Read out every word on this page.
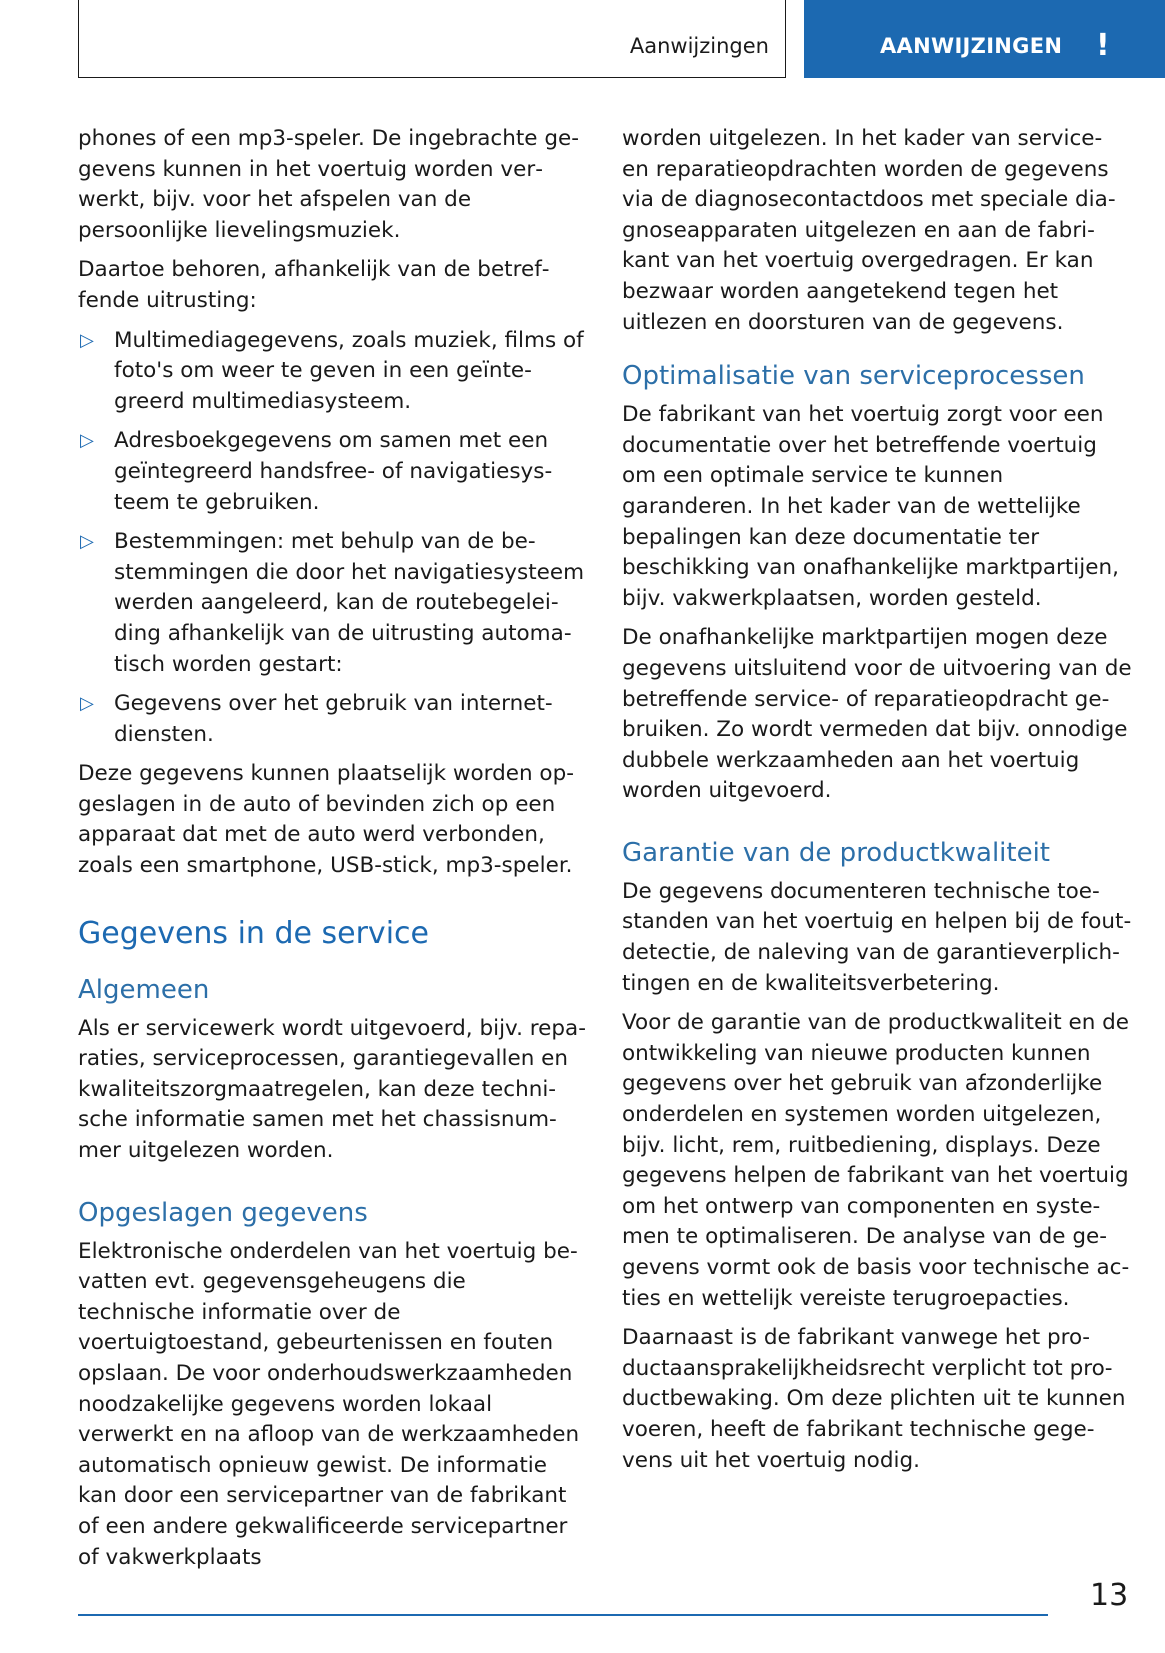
Aanwijzingen	AANWIJZINGEN !

phones of een mp3-speler. De ingebrachte gegevens kunnen in het voertuig worden verwerkt, bijv. voor het afspelen van de persoonlijke lievelingsmuziek.

Daartoe behoren, afhankelijk van de betreffende uitrusting:

▷ Multimediagegevens, zoals muziek, films of foto's om weer te geven in een geïntegreerd multimediasysteem.
▷ Adresboekgegevens om samen met een geïntegreerd handsfree- of navigatiesysteem te gebruiken.
▷ Bestemmingen: met behulp van de bestemmingen die door het navigatiesysteem werden aangeleerd, kan de routebegeleiding afhankelijk van de uitrusting automatisch worden gestart:
▷ Gegevens over het gebruik van internetdiensten.

Deze gegevens kunnen plaatselijk worden opgeslagen in de auto of bevinden zich op een apparaat dat met de auto werd verbonden, zoals een smartphone, USB-stick, mp3-speler.

Gegevens in de service
Algemeen

Als er servicewerk wordt uitgevoerd, bijv. reparaties, serviceprocessen, garantiegevallen en kwaliteitszorgmaatregelen, kan deze technische informatie samen met het chassisnummer uitgelezen worden.

Opgeslagen gegevens

Elektronische onderdelen van het voertuig bevatten evt. gegevensgeheugens die technische informatie over de voertuigtoestand, gebeurtenissen en fouten opslaan. De voor onderhoudswerkzaamheden noodzakelijke gegevens worden lokaal verwerkt en na afloop van de werkzaamheden automatisch opnieuw gewist. De informatie kan door een servicepartner van de fabrikant of een andere gekwalificeerde servicepartner of vakwerkplaats

worden uitgelezen. In het kader van service- en reparatieopdrachten worden de gegevens via de diagnosecontactdoos met speciale diagnoseapparaten uitgelezen en aan de fabrikant van het voertuig overgedragen. Er kan bezwaar worden aangetekend tegen het uitlezen en doorsturen van de gegevens.

Optimalisatie van serviceprocessen

De fabrikant van het voertuig zorgt voor een documentatie over het betreffende voertuig om een optimale service te kunnen garanderen. In het kader van de wettelijke bepalingen kan deze documentatie ter beschikking van onafhankelijke marktpartijen, bijv. vakwerkplaatsen, worden gesteld.

De onafhankelijke marktpartijen mogen deze gegevens uitsluitend voor de uitvoering van de betreffende service- of reparatieopdracht gebruiken. Zo wordt vermeden dat bijv. onnodige dubbele werkzaamheden aan het voertuig worden uitgevoerd.

Garantie van de productkwaliteit

De gegevens documenteren technische toestanden van het voertuig en helpen bij de foutdetectie, de naleving van de garantieverplichtingen en de kwaliteitsverbetering.

Voor de garantie van de productkwaliteit en de ontwikkeling van nieuwe producten kunnen gegevens over het gebruik van afzonderlijke onderdelen en systemen worden uitgelezen, bijv. licht, rem, ruitbediening, displays. Deze gegevens helpen de fabrikant van het voertuig om het ontwerp van componenten en systemen te optimaliseren. De analyse van de gegevens vormt ook de basis voor technische acties en wettelijk vereiste terugroepacties.

Daarnaast is de fabrikant vanwege het productaansprakelijkheidsrecht verplicht tot productbewaking. Om deze plichten uit te kunnen voeren, heeft de fabrikant technische gegevens uit het voertuig nodig.

13
